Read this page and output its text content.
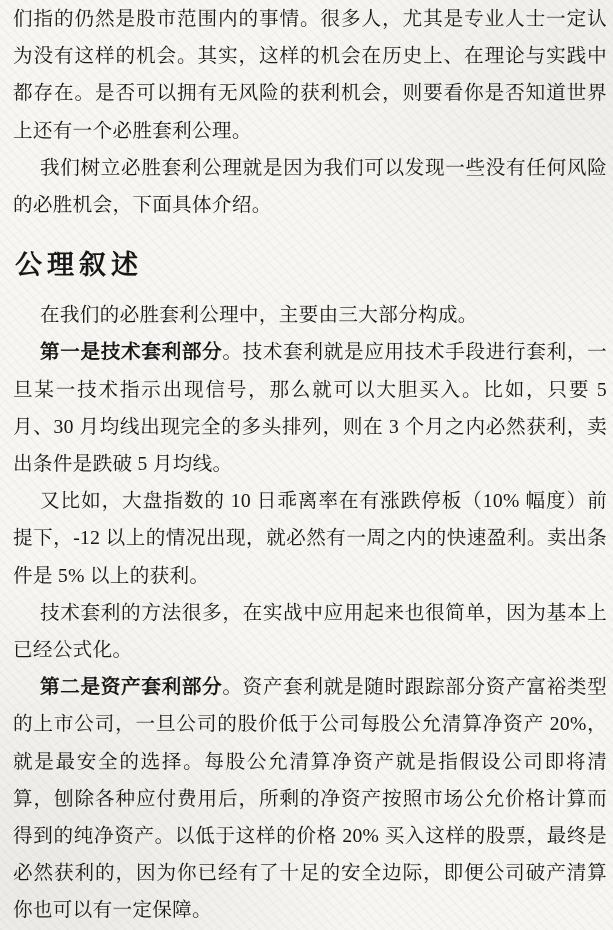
们指的仍然是股市范围内的事情。很多人，尤其是专业人士一定认为没有这样的机会。其实，这样的机会在历史上、在理论与实践中都存在。是否可以拥有无风险的获利机会，则要看你是否知道世界上还有一个必胜套利公理。

我们树立必胜套利公理就是因为我们可以发现一些没有任何风险的必胜机会，下面具体介绍。

公理叙述

在我们的必胜套利公理中，主要由三大部分构成。

第一是技术套利部分。技术套利就是应用技术手段进行套利，一旦某一技术指示出现信号，那么就可以大胆买入。比如，只要 5 月、30 月均线出现完全的多头排列，则在 3 个月之内必然获利，卖出条件是跌破 5 月均线。

又比如，大盘指数的 10 日乖离率在有涨跌停板（10% 幅度）前提下，-12 以上的情况出现，就必然有一周之内的快速盈利。卖出条件是 5% 以上的获利。

技术套利的方法很多，在实战中应用起来也很简单，因为基本上已经公式化。

第二是资产套利部分。资产套利就是随时跟踪部分资产富裕类型的上市公司，一旦公司的股价低于公司每股公允清算净资产 20%，就是最安全的选择。每股公允清算净资产就是指假设公司即将清算，刨除各种应付费用后，所剩的净资产按照市场公允价格计算而得到的纯净资产。以低于这样的价格 20% 买入这样的股票，最终是必然获利的，因为你已经有了十足的安全边际，即便公司破产清算你也可以有一定保障。
